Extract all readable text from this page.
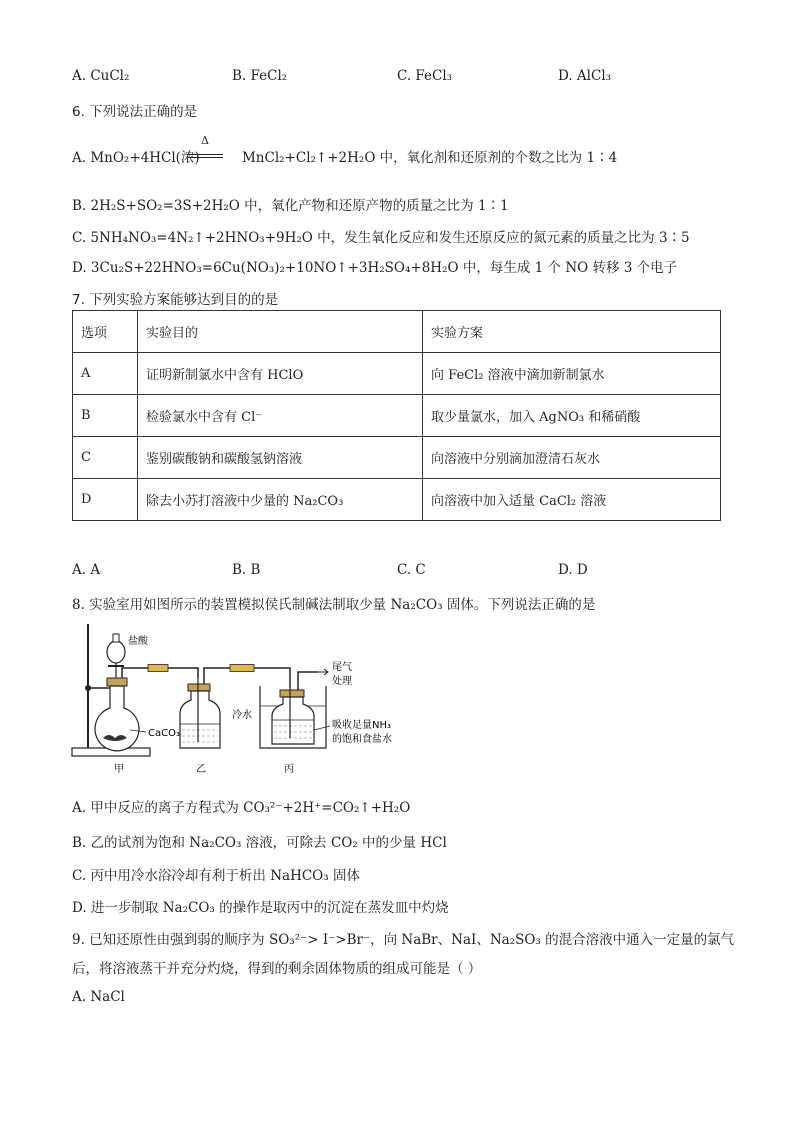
A. CuCl₂	B. FeCl₂	C. FeCl₃	D. AlCl₃
6. 下列说法正确的是
A. MnO₂+4HCl(浓)	MnCl₂+Cl₂↑+2H₂O 中，氧化剂和还原剂的个数之比为 1∶4
Δ
B. 2H₂S+SO₂=3S+2H₂O 中，氧化产物和还原产物的质量之比为 1∶1
C. 5NH₄NO₃=4N₂↑+2HNO₃+9H₂O 中，发生氧化反应和发生还原反应的氮元素的质量之比为 3∶5
D. 3Cu₂S+22HNO₃=6Cu(NO₃)₂+10NO↑+3H₂SO₄+8H₂O 中，每生成 1 个 NO 转移 3 个电子
7. 下列实验方案能够达到目的的是
选项	实验目的	实验方案
A	证明新制氯水中含有 HClO	向 FeCl₂ 溶液中滴加新制氯水
B	检验氯水中含有 Cl⁻	取少量氯水，加入 AgNO₃ 和稀硝酸
C	鉴别碳酸钠和碳酸氢钠溶液	向溶液中分别滴加澄清石灰水
D	除去小苏打溶液中少量的 Na₂CO₃	向溶液中加入适量 CaCl₂ 溶液
A. A	B. B	C. C	D. D
8. 实验室用如图所示的装置模拟侯氏制碱法制取少量 Na₂CO₃ 固体。下列说法正确的是
盐酸
CaCO₃
尾气
处理
冷水
吸收足量NH₃
的饱和食盐水
甲	乙	丙
A. 甲中反应的离子方程式为 CO₃²⁻+2H⁺=CO₂↑+H₂O
B. 乙的试剂为饱和 Na₂CO₃ 溶液，可除去 CO₂ 中的少量 HCl
C. 丙中用冷水浴冷却有利于析出 NaHCO₃ 固体
D. 进一步制取 Na₂CO₃ 的操作是取丙中的沉淀在蒸发皿中灼烧
9. 已知还原性由强到弱的顺序为 SO₃²⁻> I⁻>Br⁻，向 NaBr、NaI、Na₂SO₃ 的混合溶液中通入一定量的氯气
后，将溶液蒸干并充分灼烧，得到的剩余固体物质的组成可能是（ ）
A. NaCl
